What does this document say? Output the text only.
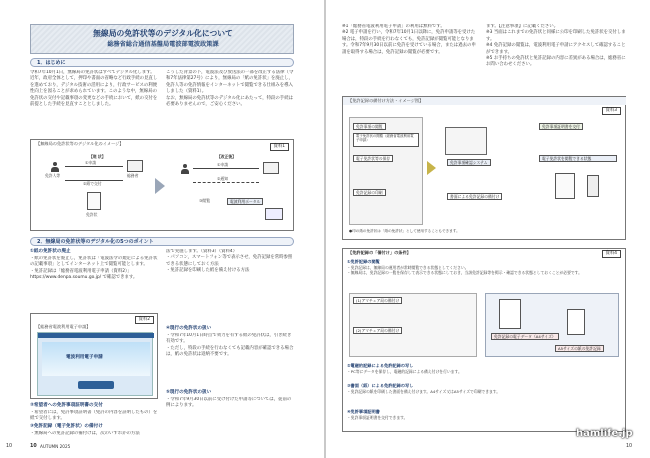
無線局の免許状等のデジタル化について
総務省総合通信基盤局電波部電波政策課
1．はじめに
令和7年10月1日，無線局の免許状はすべてデジタル化します。
近年，政府全体として，押印や書面の省略など行政手続の見直しを進めており，デジタル技術の活用により，行政サービスの利便性向上を図ることが求められています。このような中，無線局の免許状の交付や記載事項の変更などの手続において，紙の交付を前提とした手続を見直すこととしました。
こうした背景の下，電波法及び放送法の一部を改正する法律（令和7年法律第27号）により，無線局の「紙の免許状」を廃止し，免許人等の免許情報をインターネットで閲覧できる仕組みを導入しました（資料1）。
なお，無線局の免許状等のデジタル化にあたって，特段の手続は必要ありませんので，ご安心ください。
【無線局の免許状等のデジタル化のイメージ】
資料1
【現 状】
免許人等	総務省
①申請
②紙で交付
免許状
【改正後】
①申請
②通知
電波利用ポータル
③閲覧
2．無線局の免許状等のデジタル化の5つのポイント
①紙の免許状の廃止
・紙の免許状を廃止し，免許状は「電波法令の規定による免許状の記載事項」としてインターネット上で閲覧可能とします。
・免許記録は「総務省電波利用電子申請（資料2）」https://www.denpa.soumu.go.jp/ で確認できます。
資料2
【総務省電波利用電子申請】
電波利用電子申請
②希望者への免許事項証明書の交付
・希望者には，免許事項証明書（免許の内容を証明したもの）を紙で交付します。
③免許記録（電子免許状）の備付け
・無線局への免許記録の備付けは，次のいずれかの方法
法で実施します。（資料3）（資料4）
・パソコン，スマートフォン等で表示させ，免許記録を常時参照できる状態にしておく方法
・免許記録を印刷した紙を備え付ける方法
④現行の免許状の扱い
・令和7年10月1日時点で効力を有する紙の免許状は，引き続き有効です。
・ただし，特段の手続を行わなくても記載内容が確認できる場合は，紙の免許状は返納不要です。
⑤現行の免許状の扱い
・令和7年9月30日以前に受け付けた申請等については，従前の例によります。
10	10 AUTUMN 2025
※1「総務省電波利用電子申請」の利用は無料です。
※2 電子申請を行い，令和7年10月1日以降に，免許申請等を受けた場合は，特段の手続を行わなくても，免許記録が閲覧可能となります。令和7年9月30日以前に免許を受けている場合，または過去の申請を取得する場合は，免許記録の閲覧が必要です。
ます。【注意事項】に記載ください。
※3 当面はこれまでの免許状と同様に公印を印刷した免許状を交付します。
※4 免許記録の閲覧は，電波利用電子申請にアクセスして確認することができます。
※5 お手持ちの免許状と免許記録の内容に差異がある場合は，総務省にお問い合わせください。
【免許記録の備付け方法・イメージ図】
資料3
免許事項の閲覧
電子免許状の閲覧（総務省電波利用電子申請）
電子免許状等の保存
免許記録の印刷
免許事項確認システム
書面による免許記録の備付け
免許事項証明書を交付
電子免許状を閲覧できる状態
●印の紙の免許状は「紙の免許状」として使用することもできます。
【免許記録の「備付け」の条件】	資料4
①免許記録の閲覧
・免許記録は，無線局の運用者が常時閲覧できる状態としてください。
・無線局は，免許記録の一覧を保存して表示できる状態にしておき，当該免許記録等を掲示・確認できる状態としておくことが必要です。
(1)アマチュア局の備付け
(2)アマチュア局の備付け
免許記録の電子データ（A4サイズ）
A5サイズの紙の免許記録
②電磁的記録による免許記録の写し
・PC等にデータを保存し，電磁的記録による備え付けを行います。
③書面（紙）による免許記録の写し
・免許記録の紙を印刷した書面を備え付けます。A4サイズ又はA5サイズで印刷できます。
④免許事項証明書
・免許事項証明書を交付できます。
10
hamlife.jp
